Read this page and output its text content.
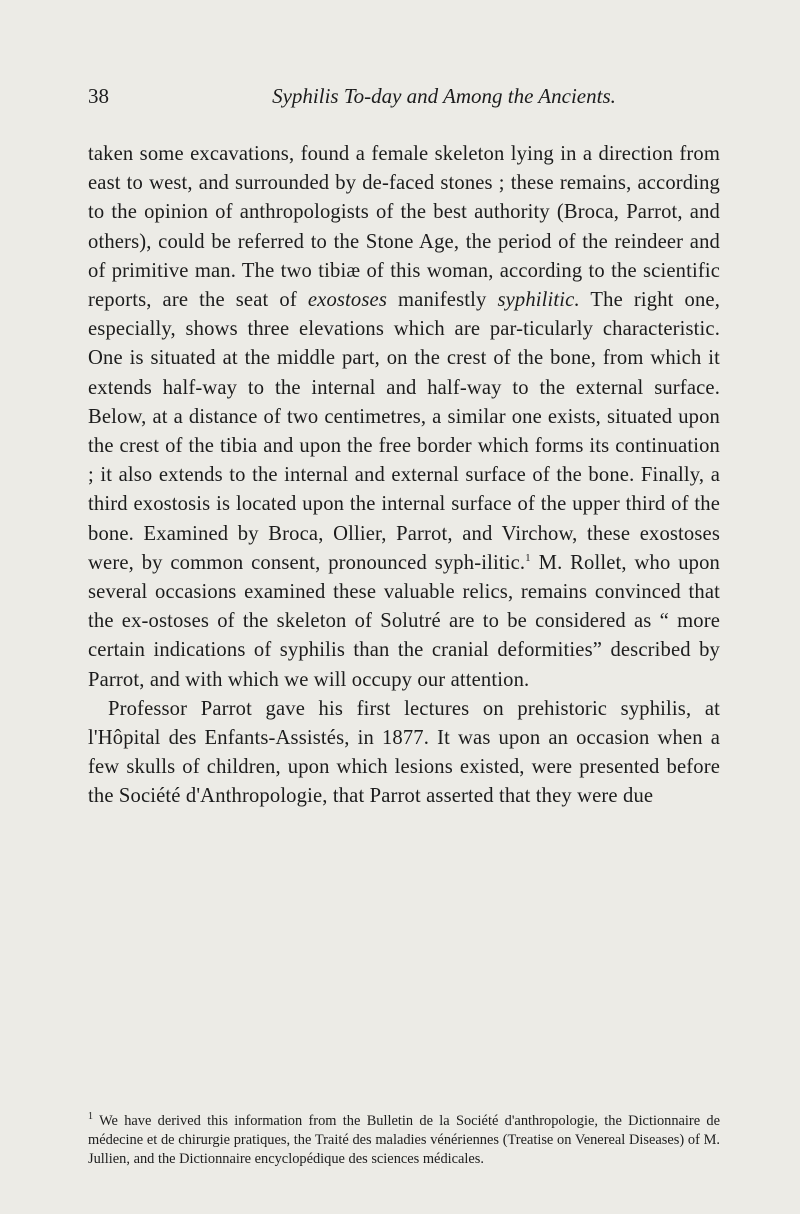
38	Syphilis To-day and Among the Ancients.

taken some excavations, found a female skeleton lying in a direction from east to west, and surrounded by de-faced stones ; these remains, according to the opinion of anthropologists of the best authority (Broca, Parrot, and others), could be referred to the Stone Age, the period of the reindeer and of primitive man. The two tibiæ of this woman, according to the scientific reports, are the seat of exostoses manifestly syphilitic. The right one, especially, shows three elevations which are par-ticularly characteristic. One is situated at the middle part, on the crest of the bone, from which it extends half-way to the internal and half-way to the external surface. Below, at a distance of two centimetres, a similar one exists, situated upon the crest of the tibia and upon the free border which forms its continuation ; it also extends to the internal and external surface of the bone. Finally, a third exostosis is located upon the internal surface of the upper third of the bone. Examined by Broca, Ollier, Parrot, and Virchow, these exostoses were, by common consent, pronounced syph-ilitic.$^1$ M. Rollet, who upon several occasions examined these valuable relics, remains convinced that the ex-ostoses of the skeleton of Solutré are to be considered as “ more certain indications of syphilis than the cranial deformities” described by Parrot, and with which we will occupy our attention.

Professor Parrot gave his first lectures on prehistoric syphilis, at l'Hôpital des Enfants-Assistés, in 1877. It was upon an occasion when a few skulls of children, upon which lesions existed, were presented before the Société d'Anthropologie, that Parrot asserted that they were due

$^1$ We have derived this information from the Bulletin de la Société d'anthropologie, the Dictionnaire de médecine et de chirurgie pratiques, the Traité des maladies vénériennes (Treatise on Venereal Diseases) of M. Jullien, and the Dictionnaire encyclopédique des sciences médicales.
